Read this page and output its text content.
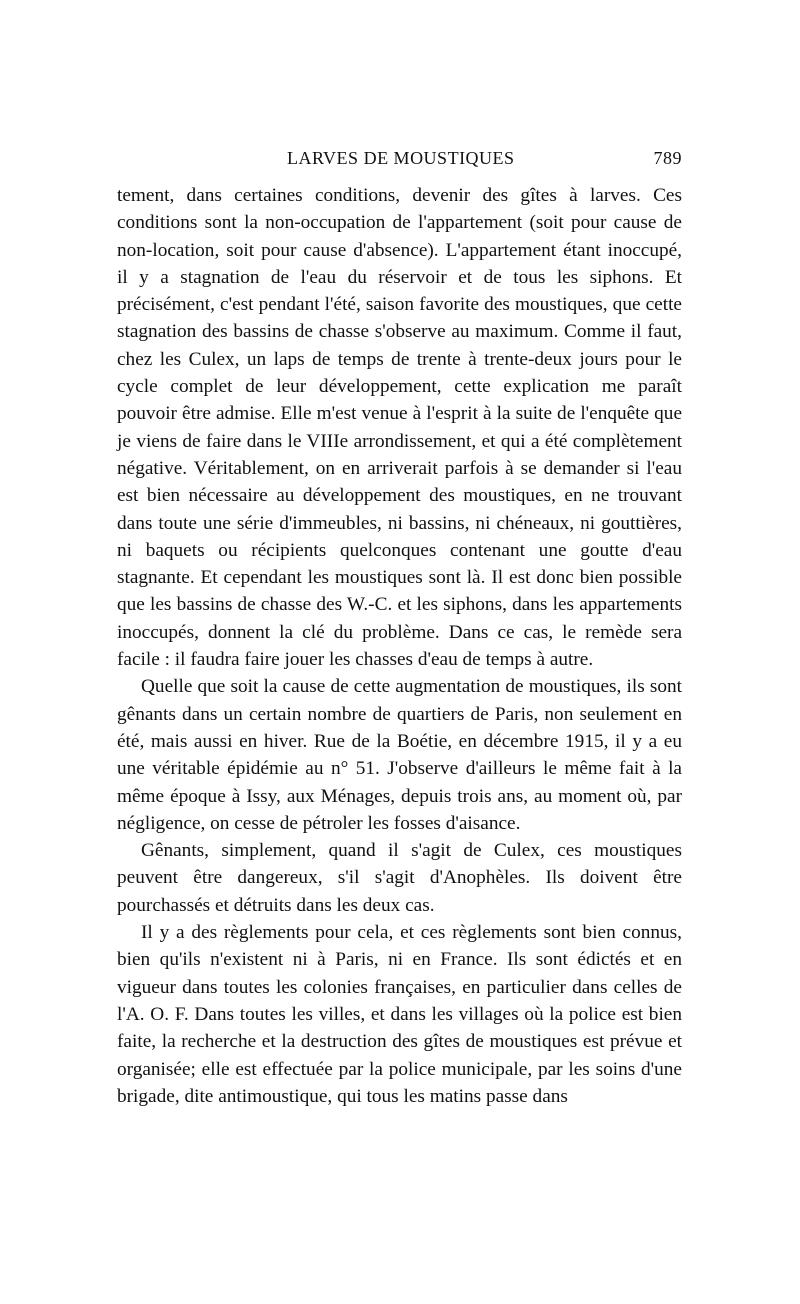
LARVES DE MOUSTIQUES	789

tement, dans certaines conditions, devenir des gîtes à larves. Ces conditions sont la non-occupation de l'appartement (soit pour cause de non-location, soit pour cause d'absence). L'appartement étant inoccupé, il y a stagnation de l'eau du réservoir et de tous les siphons. Et précisément, c'est pendant l'été, saison favorite des moustiques, que cette stagnation des bassins de chasse s'observe au maximum. Comme il faut, chez les Culex, un laps de temps de trente à trente-deux jours pour le cycle complet de leur développement, cette explication me paraît pouvoir être admise. Elle m'est venue à l'esprit à la suite de l'enquête que je viens de faire dans le VIIIe arrondissement, et qui a été complètement négative. Véritablement, on en arriverait parfois à se demander si l'eau est bien nécessaire au développement des moustiques, en ne trouvant dans toute une série d'immeubles, ni bassins, ni chéneaux, ni gouttières, ni baquets ou récipients quelconques contenant une goutte d'eau stagnante. Et cependant les moustiques sont là. Il est donc bien possible que les bassins de chasse des W.-C. et les siphons, dans les appartements inoccupés, donnent la clé du problème. Dans ce cas, le remède sera facile : il faudra faire jouer les chasses d'eau de temps à autre.

Quelle que soit la cause de cette augmentation de moustiques, ils sont gênants dans un certain nombre de quartiers de Paris, non seulement en été, mais aussi en hiver. Rue de la Boétie, en décembre 1915, il y a eu une véritable épidémie au n° 51. J'observe d'ailleurs le même fait à la même époque à Issy, aux Ménages, depuis trois ans, au moment où, par négligence, on cesse de pétroler les fosses d'aisance.

Gênants, simplement, quand il s'agit de Culex, ces moustiques peuvent être dangereux, s'il s'agit d'Anophèles. Ils doivent être pourchassés et détruits dans les deux cas.

Il y a des règlements pour cela, et ces règlements sont bien connus, bien qu'ils n'existent ni à Paris, ni en France. Ils sont édictés et en vigueur dans toutes les colonies françaises, en particulier dans celles de l'A. O. F. Dans toutes les villes, et dans les villages où la police est bien faite, la recherche et la destruction des gîtes de moustiques est prévue et organisée; elle est effectuée par la police municipale, par les soins d'une brigade, dite antimoustique, qui tous les matins passe dans
